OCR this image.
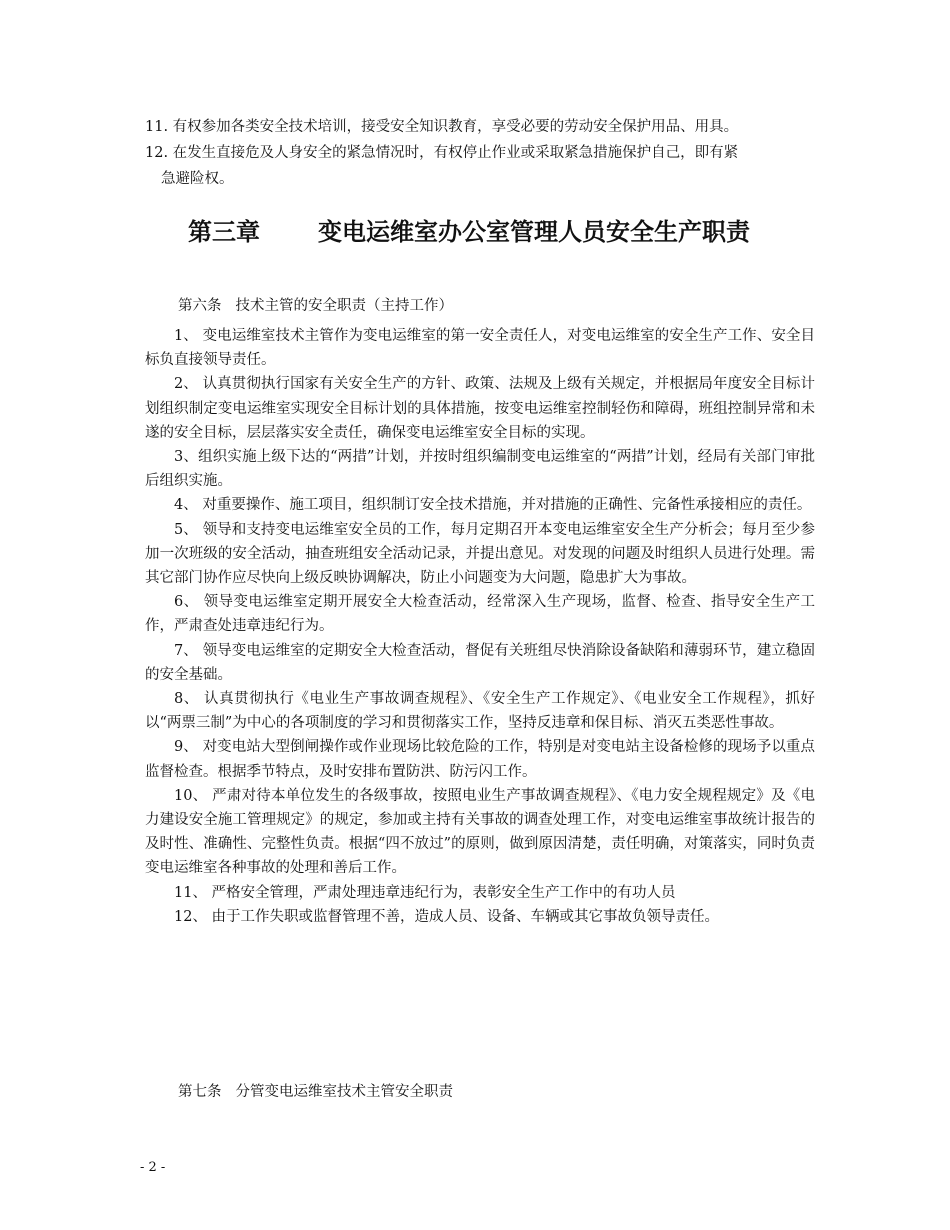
11. 有权参加各类安全技术培训，接受安全知识教育，享受必要的劳动安全保护用品、用具。
12. 在发生直接危及人身安全的紧急情况时，有权停止作业或采取紧急措施保护自己，即有紧
急避险权。
第三章 变电运维室办公室管理人员安全生产职责
第六条 技术主管的安全职责（主持工作）

1、 变电运维室技术主管作为变电运维室的第一安全责任人，对变电运维室的安全生产工作、安全目标负直接领导责任。

2、 认真贯彻执行国家有关安全生产的方针、政策、法规及上级有关规定，并根据局年度安全目标计划组织制定变电运维室实现安全目标计划的具体措施，按变电运维室控制轻伤和障碍，班组控制异常和未遂的安全目标，层层落实安全责任，确保变电运维室安全目标的实现。

3、组织实施上级下达的“两措”计划，并按时组织编制变电运维室的“两措”计划，经局有关部门审批后组织实施。

4、 对重要操作、施工项目，组织制订安全技术措施，并对措施的正确性、完备性承接相应的责任。

5、 领导和支持变电运维室安全员的工作，每月定期召开本变电运维室安全生产分析会；每月至少参加一次班级的安全活动，抽查班组安全活动记录，并提出意见。对发现的问题及时组织人员进行处理。需其它部门协作应尽快向上级反映协调解决，防止小问题变为大问题，隐患扩大为事故。

6、 领导变电运维室定期开展安全大检查活动，经常深入生产现场，监督、检查、指导安全生产工作，严肃查处违章违纪行为。

7、 领导变电运维室的定期安全大检查活动，督促有关班组尽快消除设备缺陷和薄弱环节，建立稳固的安全基础。

8、 认真贯彻执行《电业生产事故调查规程》、《安全生产工作规定》、《电业安全工作规程》，抓好以“两票三制”为中心的各项制度的学习和贯彻落实工作，坚持反违章和保目标、消灭五类恶性事故。

9、 对变电站大型倒闸操作或作业现场比较危险的工作，特别是对变电站主设备检修的现场予以重点监督检查。根据季节特点，及时安排布置防洪、防污闪工作。

10、 严肃对待本单位发生的各级事故，按照电业生产事故调查规程》、《电力安全规程规定》及《电力建设安全施工管理规定》的规定，参加或主持有关事故的调查处理工作，对变电运维室事故统计报告的及时性、准确性、完整性负责。根据“四不放过”的原则，做到原因清楚，责任明确，对策落实，同时负责变电运维室各种事故的处理和善后工作。

11、 严格安全管理，严肃处理违章违纪行为，表彰安全生产工作中的有功人员

12、 由于工作失职或监督管理不善，造成人员、设备、车辆或其它事故负领导责任。

第七条 分管变电运维室技术主管安全职责
- 2 -
